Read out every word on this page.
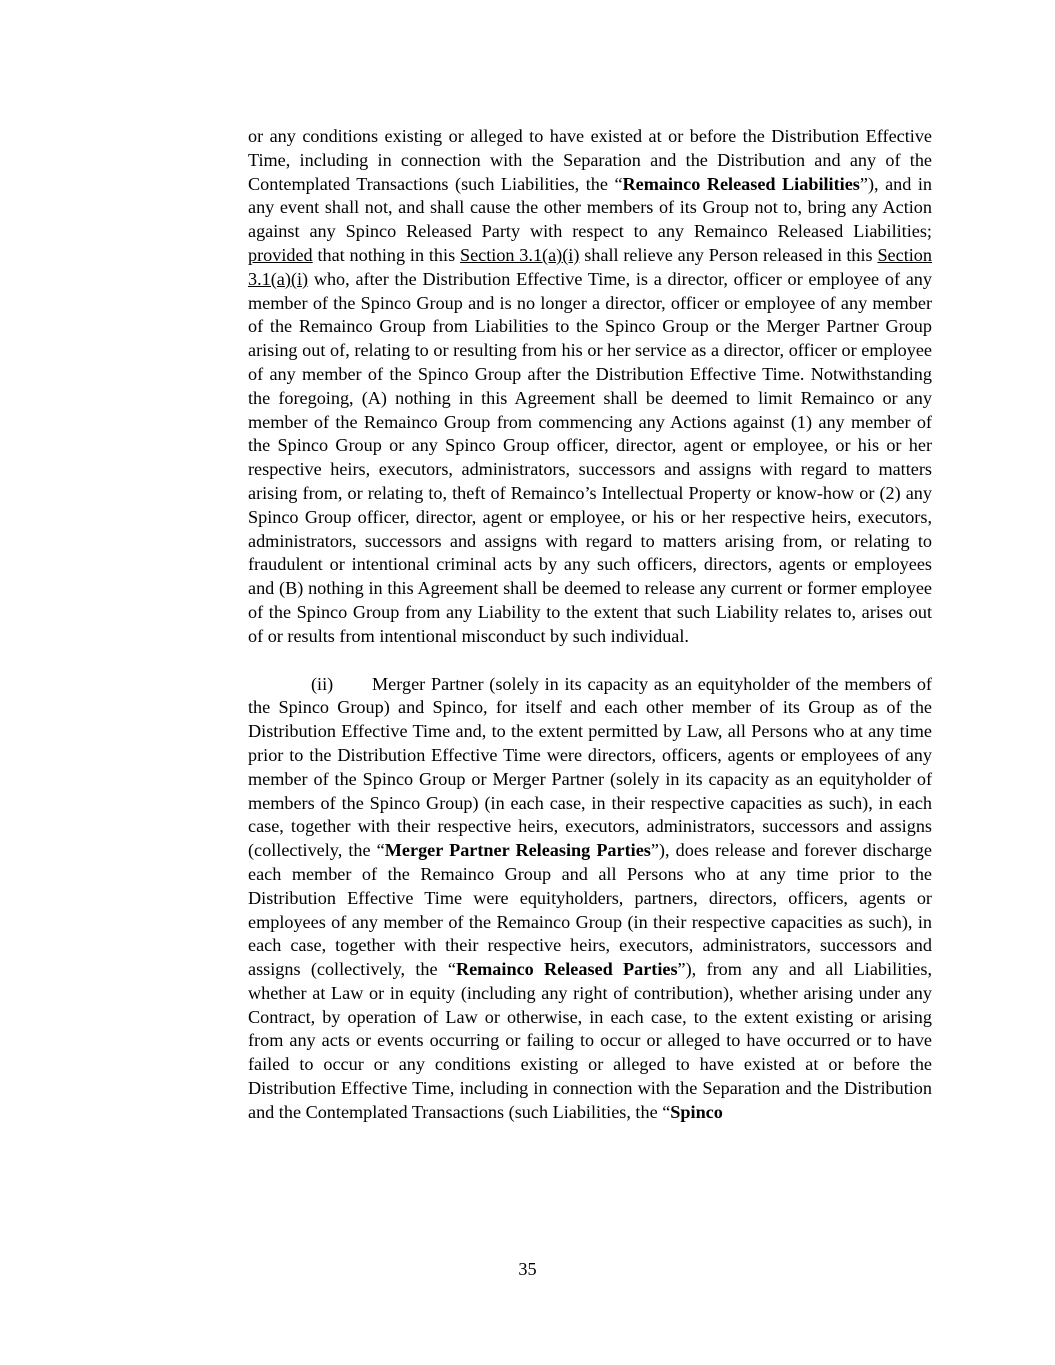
or any conditions existing or alleged to have existed at or before the Distribution Effective Time, including in connection with the Separation and the Distribution and any of the Contemplated Transactions (such Liabilities, the “Remainco Released Liabilities”), and in any event shall not, and shall cause the other members of its Group not to, bring any Action against any Spinco Released Party with respect to any Remainco Released Liabilities; provided that nothing in this Section 3.1(a)(i) shall relieve any Person released in this Section 3.1(a)(i) who, after the Distribution Effective Time, is a director, officer or employee of any member of the Spinco Group and is no longer a director, officer or employee of any member of the Remainco Group from Liabilities to the Spinco Group or the Merger Partner Group arising out of, relating to or resulting from his or her service as a director, officer or employee of any member of the Spinco Group after the Distribution Effective Time. Notwithstanding the foregoing, (A) nothing in this Agreement shall be deemed to limit Remainco or any member of the Remainco Group from commencing any Actions against (1) any member of the Spinco Group or any Spinco Group officer, director, agent or employee, or his or her respective heirs, executors, administrators, successors and assigns with regard to matters arising from, or relating to, theft of Remainco’s Intellectual Property or know-how or (2) any Spinco Group officer, director, agent or employee, or his or her respective heirs, executors, administrators, successors and assigns with regard to matters arising from, or relating to fraudulent or intentional criminal acts by any such officers, directors, agents or employees and (B) nothing in this Agreement shall be deemed to release any current or former employee of the Spinco Group from any Liability to the extent that such Liability relates to, arises out of or results from intentional misconduct by such individual.

(ii) Merger Partner (solely in its capacity as an equityholder of the members of the Spinco Group) and Spinco, for itself and each other member of its Group as of the Distribution Effective Time and, to the extent permitted by Law, all Persons who at any time prior to the Distribution Effective Time were directors, officers, agents or employees of any member of the Spinco Group or Merger Partner (solely in its capacity as an equityholder of members of the Spinco Group) (in each case, in their respective capacities as such), in each case, together with their respective heirs, executors, administrators, successors and assigns (collectively, the “Merger Partner Releasing Parties”), does release and forever discharge each member of the Remainco Group and all Persons who at any time prior to the Distribution Effective Time were equityholders, partners, directors, officers, agents or employees of any member of the Remainco Group (in their respective capacities as such), in each case, together with their respective heirs, executors, administrators, successors and assigns (collectively, the “Remainco Released Parties”), from any and all Liabilities, whether at Law or in equity (including any right of contribution), whether arising under any Contract, by operation of Law or otherwise, in each case, to the extent existing or arising from any acts or events occurring or failing to occur or alleged to have occurred or to have failed to occur or any conditions existing or alleged to have existed at or before the Distribution Effective Time, including in connection with the Separation and the Distribution and the Contemplated Transactions (such Liabilities, the “Spinco

35
